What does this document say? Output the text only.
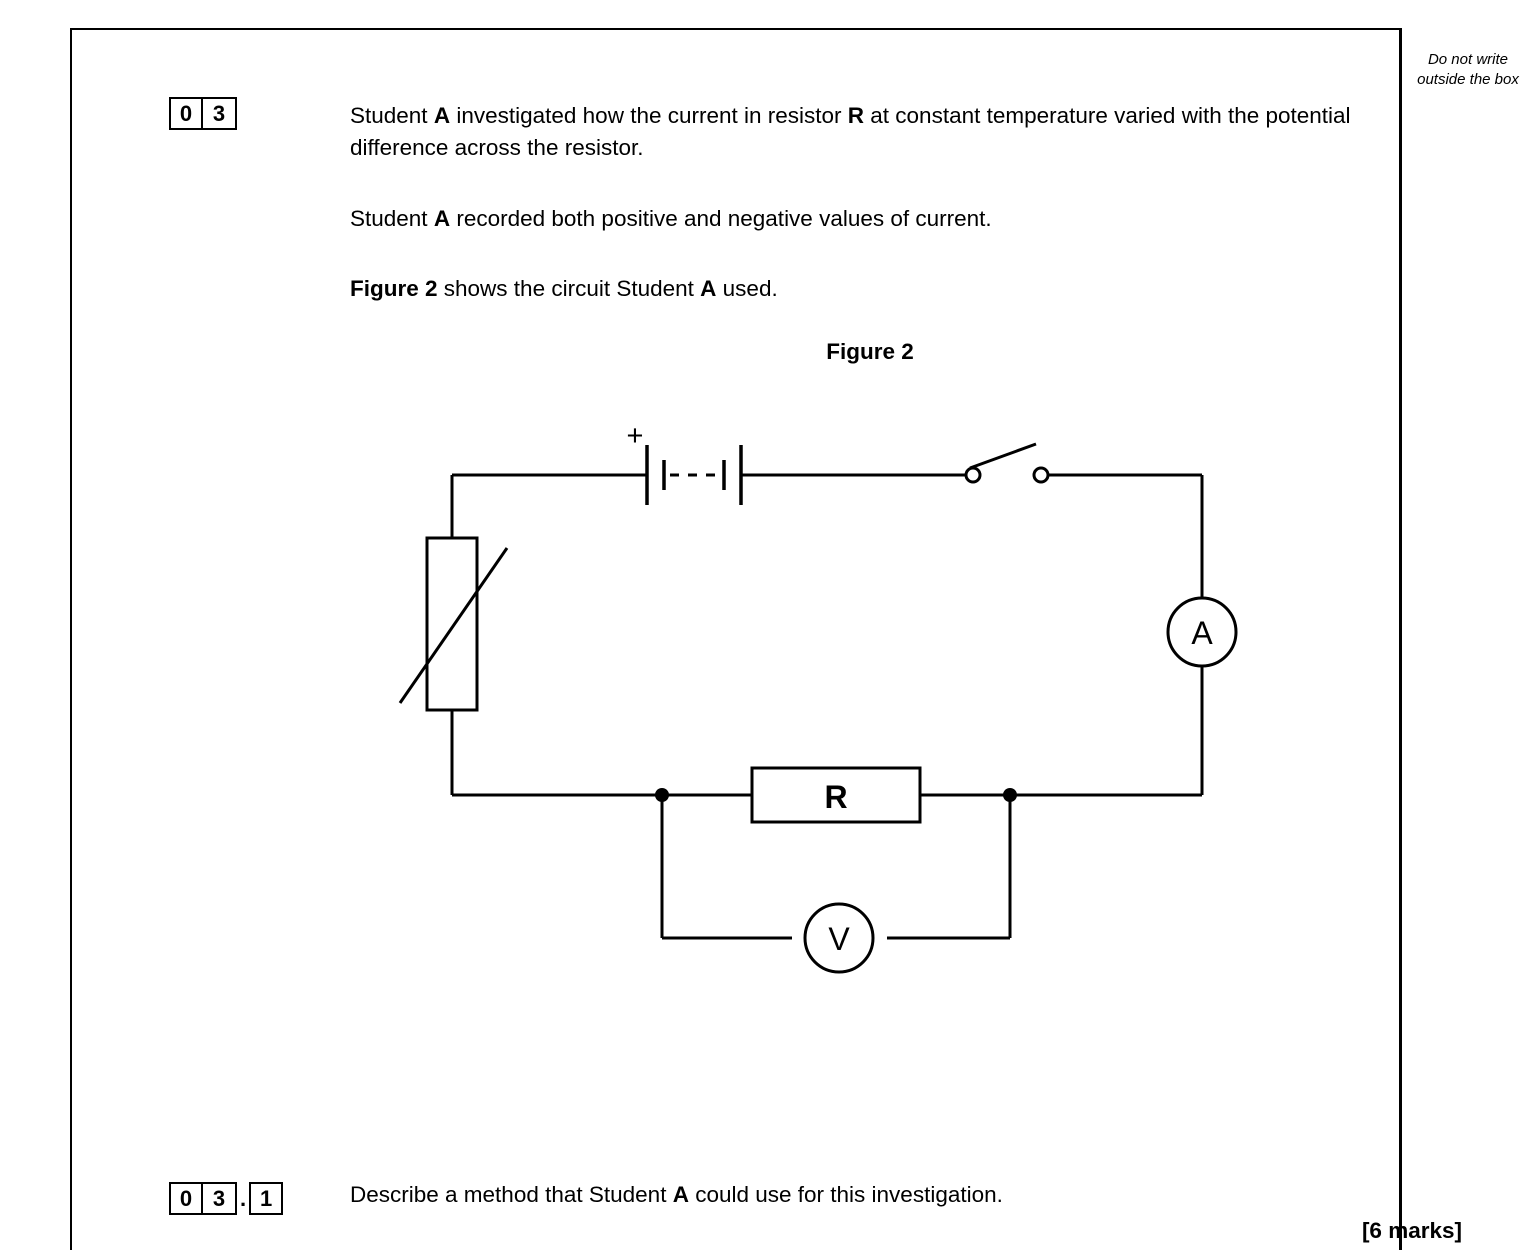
0 3	Student A investigated how the current in resistor R at constant temperature varied with the potential difference across the resistor.
Student A recorded both positive and negative values of current.
Figure 2 shows the circuit Student A used.
Figure 2
+
A
V
R
0 3 . 1	Describe a method that Student A could use for this investigation.
[6 marks]
Do not write outside the box
